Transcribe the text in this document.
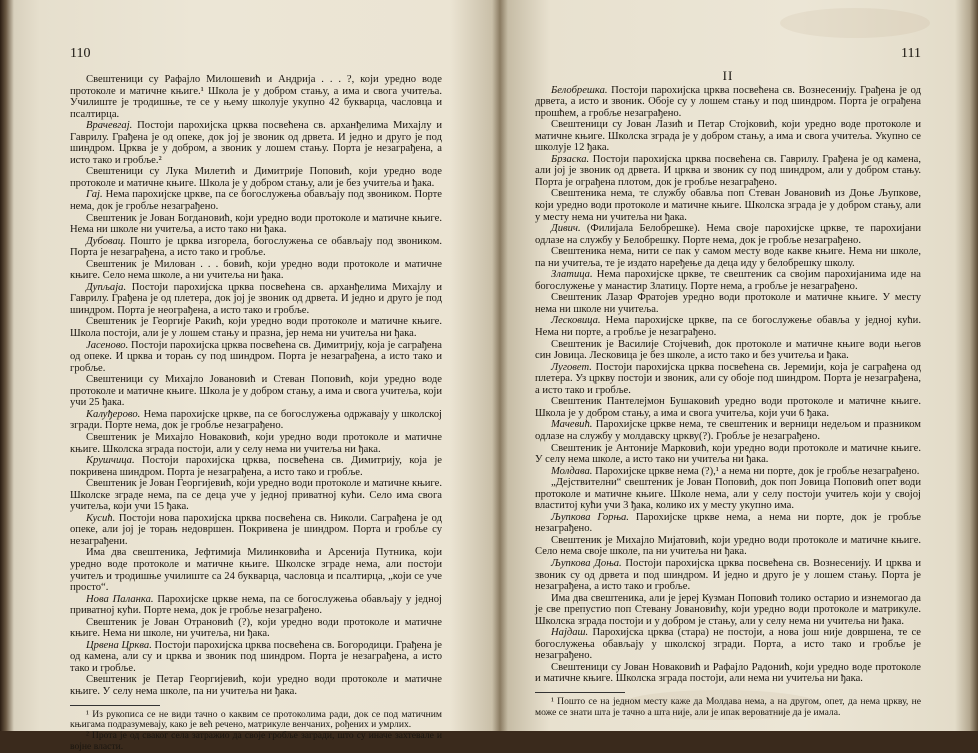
110

Свештеници су Рафајло Милошевић и Андрија . . . ?, који уредно воде протоколе и матичне књиге.¹ Школа је у добром стању, а има и свога учитеља. Училиште је тродишње, те се у њему школује укупно 42 букварца, часловца и псалтирца.

Врачевгај. Постоји парохијска црква посвећена св. арханђелима Михајлу и Гаврилу. Грађена је од опеке, док јој је звоник од дрвета. И једно и друго је под шиндром. Црква је у добром, а звоник у лошем стању. Порта је незаграђена, а исто тако и гробље.²

Свештеници су Лука Милетић и Димитрије Поповић, који уредно воде протоколе и матичне књиге. Школа је у добром стању, али је без учитеља и ђака.

Гај. Нема парохијске цркве, па се богослужења обављају под звоником. Порте нема, док је гробље незаграђено.

Свештеник је Јован Богдановић, који уредно води протоколе и матичне књиге. Нема ни школе ни учитеља, а исто тако ни ђака.

Дубовац. Пошто је црква изгорела, богослужења се обављају под звоником. Порта је незаграђена, а исто тако и гробље.

Свештеник је Милован . . . бовић, који уредно води протоколе и матичне књиге. Село нема школе, а ни учитеља ни ђака.

Дупљаја. Постоји парохијска црква посвећена св. арханђелима Михајлу и Гаврилу. Грађена је од плетера, док јој је звоник од дрвета. И једно и друго је под шиндром. Порта је неограђена, а исто тако и гробље.

Свештеник је Георгије Ракић, који уредно води протоколе и матичне књиге. Школа постоји, али је у лошем стању и празна, јер нема ни учитеља ни ђака.

Јасеново. Постоји парохијска црква посвећена св. Димитрију, која је саграђена од опеке. И црква и торањ су под шиндром. Порта је незаграђена, а исто тако и гробље.

Свештеници су Михајло Јовановић и Стеван Поповић, који уредно воде протоколе и матичне књиге. Школа је у добром стању, а има и свога учитеља, који учи 25 ђака.

Калуђерово. Нема парохијске цркве, па се богослужења одржавају у школској згради. Порте нема, док је гробље незаграђено.

Свештеник је Михајло Новаковић, који уредно води протоколе и матичне књиге. Школска зграда постоји, али у селу нема ни учитеља ни ђака.

Крушчица. Постоји парохијска црква, посвећена св. Димитрију, која је покривена шиндром. Порта је незаграђена, а исто тако и гробље.

Свештеник је Јован Георгијевић, који уредно води протоколе и матичне књиге. Школске зграде нема, па се деца уче у једној приватној кући. Село има свога учитеља, који учи 15 ђака.

Кусић. Постоји нова парохијска црква посвећена св. Николи. Саграђена је од опеке, али јој је торањ недовршен. Покривена је шиндром. Порта и гробље су незаграђени.

Има два свештеника, Јефтимија Милинковића и Арсенија Путника, који уредно воде протоколе и матичне књиге. Школске зграде нема, али постоји учитељ и тродишње училиште са 24 букварца, часловца и псалтирца, „који се уче просто“.

Нова Паланка. Парохијске цркве нема, па се богослужења обављају у једној приватној кући. Порте нема, док је гробље незаграђено.

Свештеник је Јован Отрановић (?), који уредно води протоколе и матичне књиге. Нема ни школе, ни учитеља, ни ђака.

Црвена Црква. Постоји парохијска црква посвећена св. Богородици. Грађена је од камена, али су и црква и звоник под шиндром. Порта је незаграђена, а исто тако и гробље.

Свештеник је Петар Георгијевић, који уредно води протоколе и матичне књиге. У селу нема школе, па ни учитеља ни ђака.

¹ Из рукописа се не види тачно о каквим се протоколима ради, док се под матичним књигама подразумевају, како је већ речено, матрикуле венчаних, рођених и умрлих.

² Прота је од сваког села затражио да своје гробље загради, што су иначе захтевале и војне власти.

111
II

Белобрешка. Постоји парохијска црква посвећена св. Вознесенију. Грађена је од дрвета, а исто и звоник. Обоје су у лошем стању и под шиндром. Порта је ограђена прошћем, а гробље незаграђено.

Свештеници су Јован Лазић и Петар Стојковић, који уредно воде протоколе и матичне књиге. Школска зграда је у добром стању, а има и свога учитеља. Укупно се школује 12 ђака.

Брзаска. Постоји парохијска црква посвећена св. Гаврилу. Грађена је од камена, али јој је звоник од дрвета. И црква и звоник су под шиндром, али у добром стању. Порта је ограђена плотом, док је гробље незаграђено.

Свештеника нема, те службу обавља поп Стеван Јовановић из Доње Љупкове, који уредно води протоколе и матичне књиге. Школска зграда је у добром стању, али у месту нема ни учитеља ни ђака.

Дивич. (Филијала Белобрешке). Нема своје парохијске цркве, те парохијани одлазе на службу у Белобрешку. Порте нема, док је гробље незаграђено.

Свештеника нема, нити се пак у самом месту воде какве књиге. Нема ни школе, па ни учитеља, те је издато наређење да деца иду у белобрешку школу.

Златица. Нема парохијске цркве, те свештеник са својим парохијанима иде на богослужење у манастир Златицу. Порте нема, а гробље је незаграђено.

Свештеник Лазар Фратојев уредно води протоколе и матичне књиге. У месту нема ни школе ни учитеља.

Лесковица. Нема парохијске цркве, па се богослужење обавља у једној кући. Нема ни порте, а гробље је незаграђено.

Свештеник је Василије Стојчевић, док протоколе и матичне књиге води његов син Јовица. Лесковица је без школе, а исто тако и без учитеља и ђака.

Луговет. Постоји парохијска црква посвећена св. Јеремији, која је саграђена од плетера. Уз цркву постоји и звоник, али су обоје под шиндром. Порта је незаграђена, а исто тако и гробље.

Свештеник Пантелејмон Бушаковић уредно води протоколе и матичне књиге. Школа је у добром стању, а има и свога учитеља, који учи 6 ђака.

Мачевић. Парохијске цркве нема, те свештеник и верници недељом и празником одлазе на службу у молдавску цркву(?). Гробље је незаграђено.

Свештеник је Антоније Марковић, који уредно води протоколе и матичне књиге. У селу нема школе, а исто тако ни учитеља ни ђака.

Молдава. Парохијске цркве нема (?),¹ а нема ни порте, док је гробље незаграђено.

„Дејствителни“ свештеник је Јован Поповић, док поп Јовица Поповић опет води протоколе и матичне књиге. Школе нема, али у селу постоји учитељ који у својој властитој кући учи 3 ђака, колико их у месту укупно има.

Љупкова Горња. Парохијске цркве нема, а нема ни порте, док је гробље незаграђено.

Свештеник је Михајло Мијатовић, који уредно води протоколе и матичне књиге. Село нема своје школе, па ни учитеља ни ђака.

Љупкова Доња. Постоји парохијска црква посвећена св. Вознесенију. И црква и звоник су од дрвета и под шиндром. И једно и друго је у лошем стању. Порта је незаграђена, а исто тако и гробље.

Има два свештеника, али је јереј Кузман Поповић толико остарио и изнемогао да је све препустио поп Стевану Јовановићу, који уредно води протоколе и матрикуле. Школска зграда постоји и у добром је стању, али у селу нема ни учитеља ни ђака.

Најдаш. Парохијска црква (стара) не постоји, а нова још није довршена, те се богослужења обављају у школској згради. Порта, а исто тако и гробље је незаграђено.

Свештеници су Јован Новаковић и Рафајло Радонић, који уредно воде протоколе и матичне књиге. Школска зграда постоји, али нема ни учитеља ни ђака.

¹ Пошто се на једном месту каже да Молдава нема, а на другом, опет, да нема цркву, не може се знати шта је тачно а шта није, али је ипак вероватније да је имала.
